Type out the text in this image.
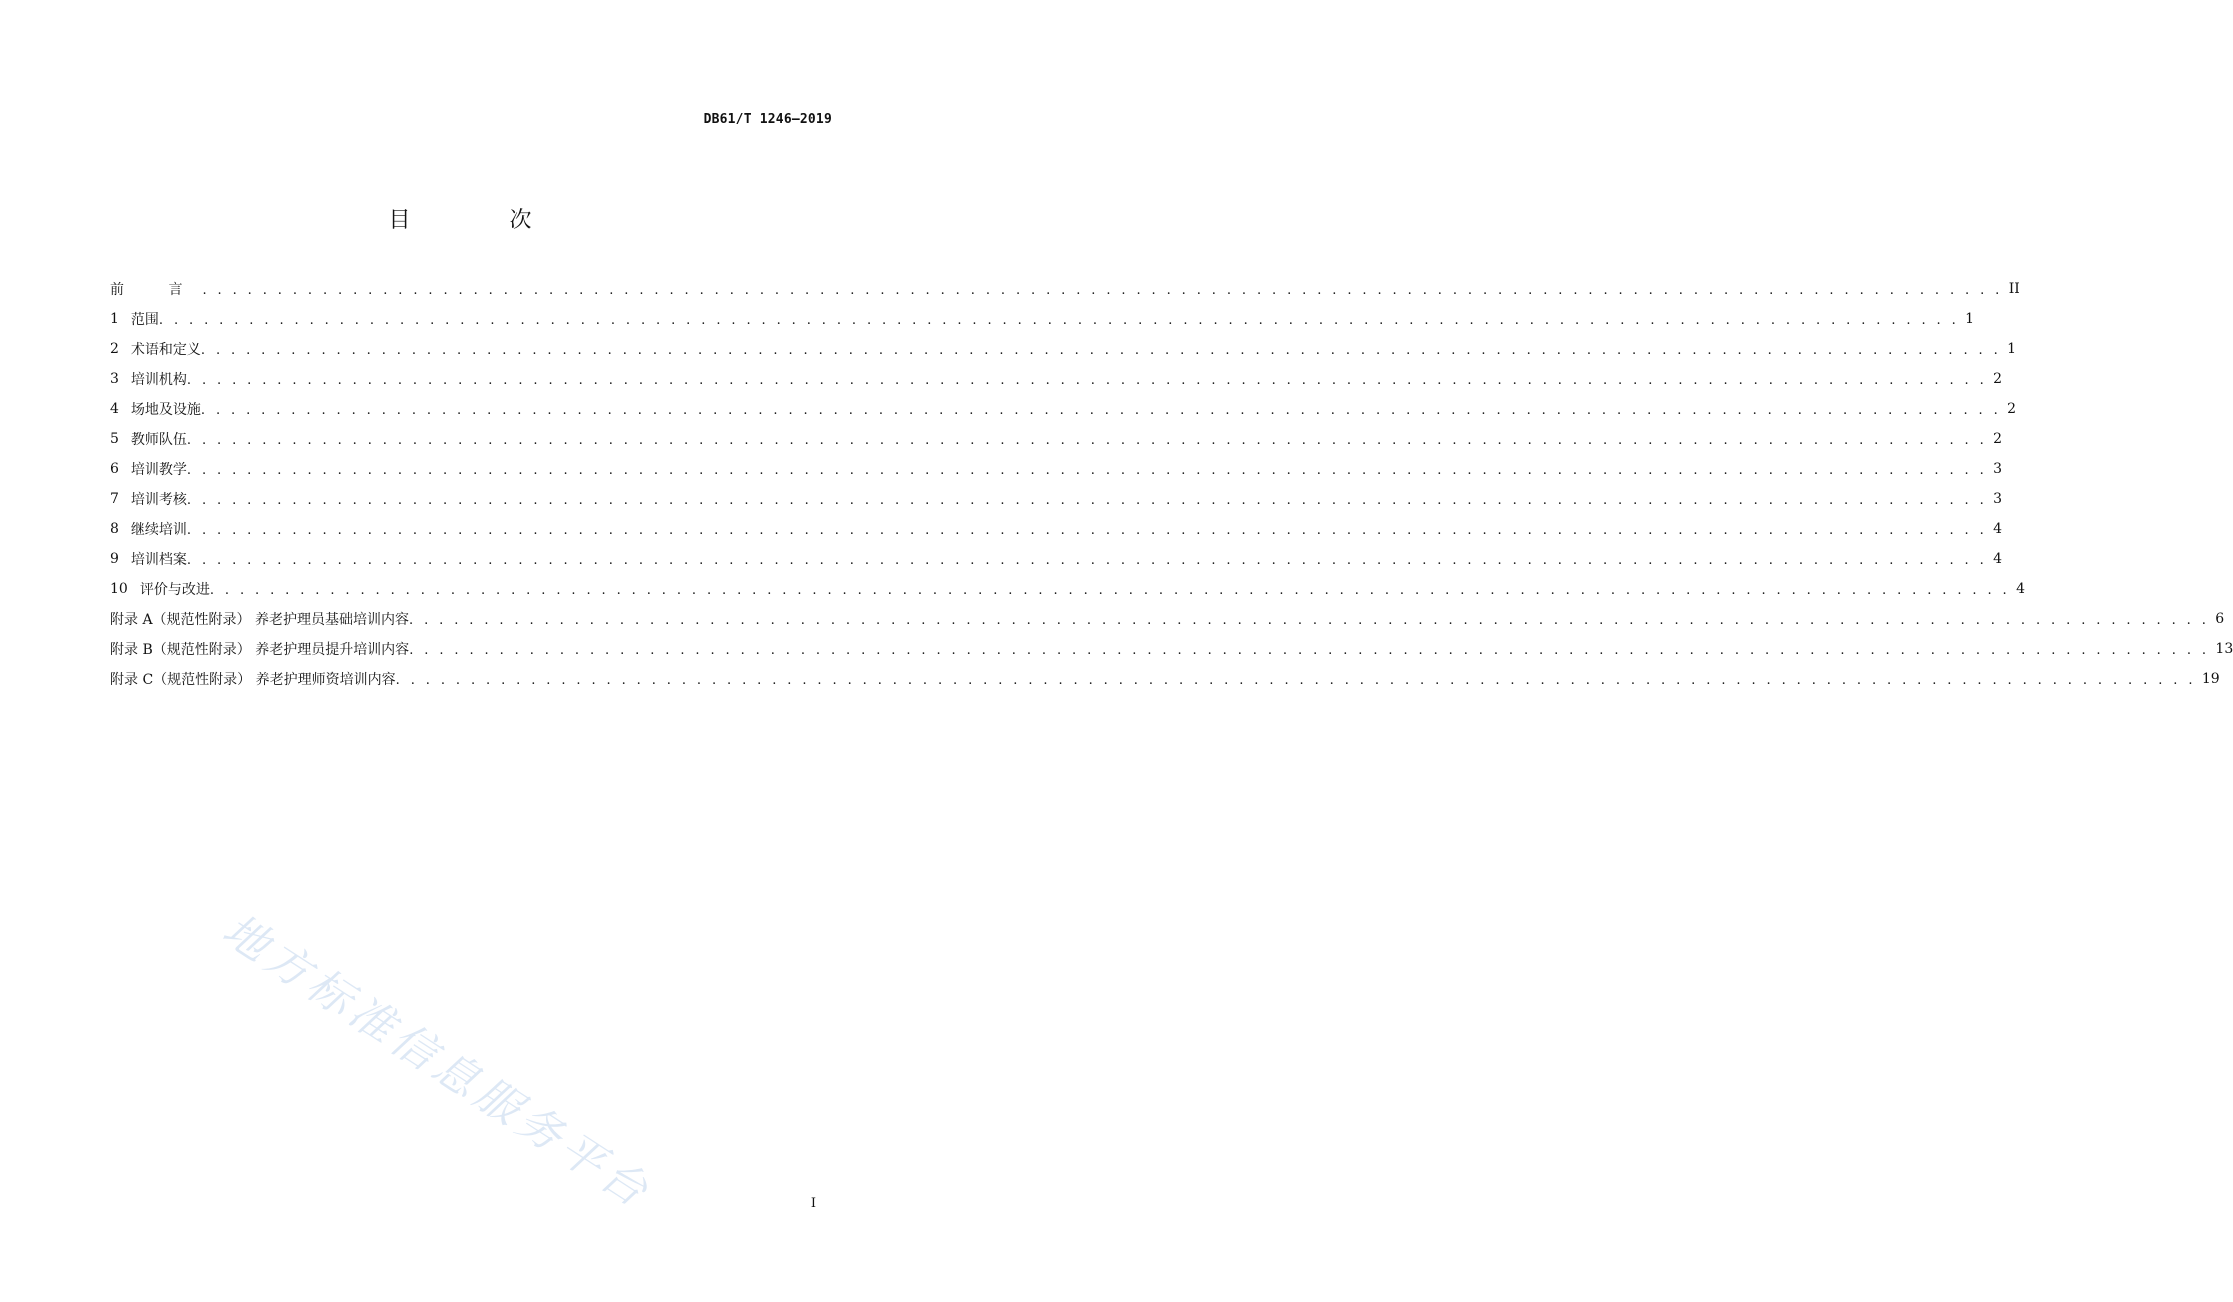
DB61/T 1246—2019
目 次
前 言 . . . . . . . . . . . . . . . . . . . . . . . . . . . . . . . . . . . . . . . . . . . . . . . . . . . . . . . . . . . . . . . . . . . . . . . . . . . . . . . . . . . . . . . . . . . . . . . . . . . . . . . . . . . . . . . . . . . . . . . . II
1 范围 . . . . . . . . . . . . . . . . . . . . . . . . . . . . . . . . . . . . . . . . . . . . . . . . . . . . . . . . . . . . . . . . . . . . . . . . . . . . . . . . . . . . . . . . . . . . . . . . . . . . . . . . . . . . . . . . . . . . . . . . 1
2 术语和定义 . . . . . . . . . . . . . . . . . . . . . . . . . . . . . . . . . . . . . . . . . . . . . . . . . . . . . . . . . . . . . . . . . . . . . . . . . . . . . . . . . . . . . . . . . . . . . . . . . . . . . . . . . . . . . . . . . . . . . . . . 1
3 培训机构 . . . . . . . . . . . . . . . . . . . . . . . . . . . . . . . . . . . . . . . . . . . . . . . . . . . . . . . . . . . . . . . . . . . . . . . . . . . . . . . . . . . . . . . . . . . . . . . . . . . . . . . . . . . . . . . . . . . . . . . . 2
4 场地及设施 . . . . . . . . . . . . . . . . . . . . . . . . . . . . . . . . . . . . . . . . . . . . . . . . . . . . . . . . . . . . . . . . . . . . . . . . . . . . . . . . . . . . . . . . . . . . . . . . . . . . . . . . . . . . . . . . . . . . . . . . 2
5 教师队伍 . . . . . . . . . . . . . . . . . . . . . . . . . . . . . . . . . . . . . . . . . . . . . . . . . . . . . . . . . . . . . . . . . . . . . . . . . . . . . . . . . . . . . . . . . . . . . . . . . . . . . . . . . . . . . . . . . . . . . . . . 2
6 培训教学 . . . . . . . . . . . . . . . . . . . . . . . . . . . . . . . . . . . . . . . . . . . . . . . . . . . . . . . . . . . . . . . . . . . . . . . . . . . . . . . . . . . . . . . . . . . . . . . . . . . . . . . . . . . . . . . . . . . . . . . . 3
7 培训考核 . . . . . . . . . . . . . . . . . . . . . . . . . . . . . . . . . . . . . . . . . . . . . . . . . . . . . . . . . . . . . . . . . . . . . . . . . . . . . . . . . . . . . . . . . . . . . . . . . . . . . . . . . . . . . . . . . . . . . . . . 3
8 继续培训 . . . . . . . . . . . . . . . . . . . . . . . . . . . . . . . . . . . . . . . . . . . . . . . . . . . . . . . . . . . . . . . . . . . . . . . . . . . . . . . . . . . . . . . . . . . . . . . . . . . . . . . . . . . . . . . . . . . . . . . . 4
9 培训档案 . . . . . . . . . . . . . . . . . . . . . . . . . . . . . . . . . . . . . . . . . . . . . . . . . . . . . . . . . . . . . . . . . . . . . . . . . . . . . . . . . . . . . . . . . . . . . . . . . . . . . . . . . . . . . . . . . . . . . . . . 4
10 评价与改进 . . . . . . . . . . . . . . . . . . . . . . . . . . . . . . . . . . . . . . . . . . . . . . . . . . . . . . . . . . . . . . . . . . . . . . . . . . . . . . . . . . . . . . . . . . . . . . . . . . . . . . . . . . . . . . . . . . . . . . . . 4
附录 A（规范性附录） 养老护理员基础培训内容 . . . . . . . . . . . . . . . . . . . . . . . . . . . . . . . . . . . . . . . . . . . . . . . . . . . . . . . . . . . . . . . . . . . . . . . . . . . . . . . . . . . . . . . . . . . . . . . . . . . . . . . . . . . . . . . . . . . . . . . . 6
附录 B（规范性附录） 养老护理员提升培训内容 . . . . . . . . . . . . . . . . . . . . . . . . . . . . . . . . . . . . . . . . . . . . . . . . . . . . . . . . . . . . . . . . . . . . . . . . . . . . . . . . . . . . . . . . . . . . . . . . . . . . . . . . . . . . . . . . . . . . . . . . 13
附录 C（规范性附录） 养老护理师资培训内容 . . . . . . . . . . . . . . . . . . . . . . . . . . . . . . . . . . . . . . . . . . . . . . . . . . . . . . . . . . . . . . . . . . . . . . . . . . . . . . . . . . . . . . . . . . . . . . . . . . . . . . . . . . . . . . . . . . . . . . . . 19
地方标准信息服务平台	I
